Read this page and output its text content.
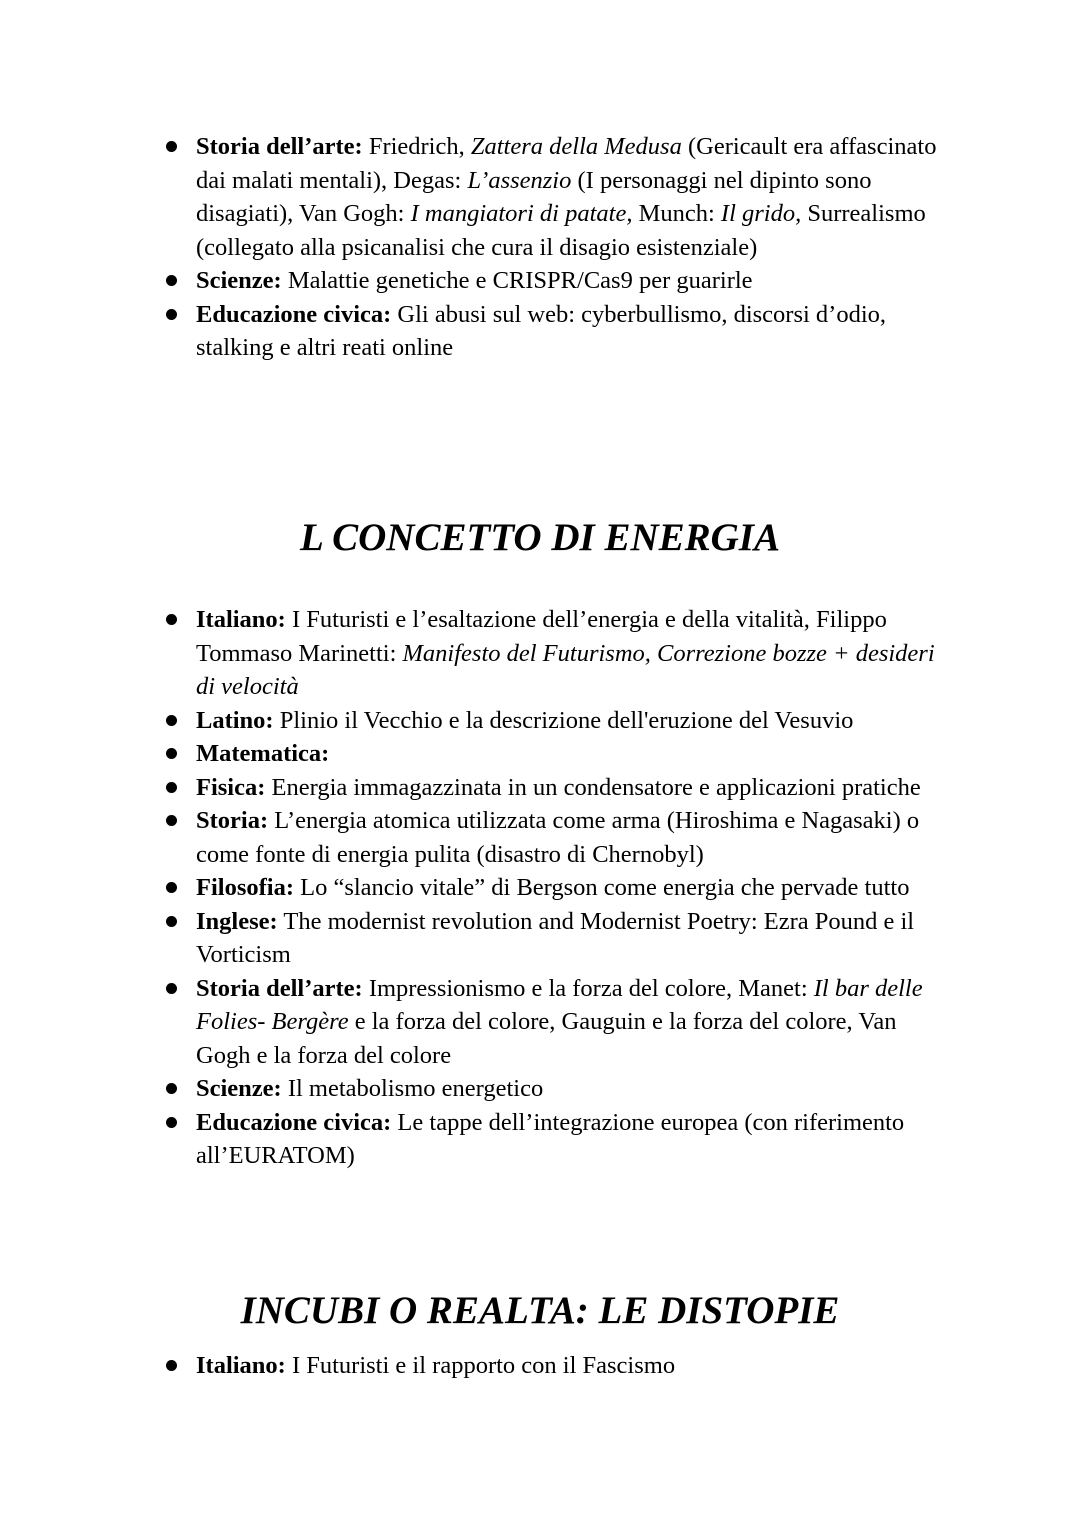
Storia dell’arte: Friedrich, Zattera della Medusa (Gericault era affascinato dai malati mentali), Degas: L’assenzio (I personaggi nel dipinto sono disagiati), Van Gogh: I mangiatori di patate, Munch: Il grido, Surrealismo (collegato alla psicanalisi che cura il disagio esistenziale)
Scienze: Malattie genetiche e CRISPR/Cas9 per guarirle
Educazione civica: Gli abusi sul web: cyberbullismo, discorsi d’odio, stalking e altri reati online
L CONCETTO DI ENERGIA
Italiano: I Futuristi e l’esaltazione dell’energia e della vitalità, Filippo Tommaso Marinetti: Manifesto del Futurismo, Correzione bozze + desideri di velocità
Latino: Plinio il Vecchio e la descrizione dell'eruzione del Vesuvio
Matematica:
Fisica: Energia immagazzinata in un condensatore e applicazioni pratiche
Storia: L’energia atomica utilizzata come arma (Hiroshima e Nagasaki) o come fonte di energia pulita (disastro di Chernobyl)
Filosofia: Lo “slancio vitale” di Bergson come energia che pervade tutto
Inglese: The modernist revolution and Modernist Poetry: Ezra Pound e il Vorticism
Storia dell’arte: Impressionismo e la forza del colore, Manet: Il bar delle Folies- Bergère e la forza del colore, Gauguin e la forza del colore, Van Gogh e la forza del colore
Scienze: Il metabolismo energetico
Educazione civica: Le tappe dell’integrazione europea (con riferimento all’EURATOM)
INCUBI O REALTA: LE DISTOPIE
Italiano: I Futuristi e il rapporto con il Fascismo
